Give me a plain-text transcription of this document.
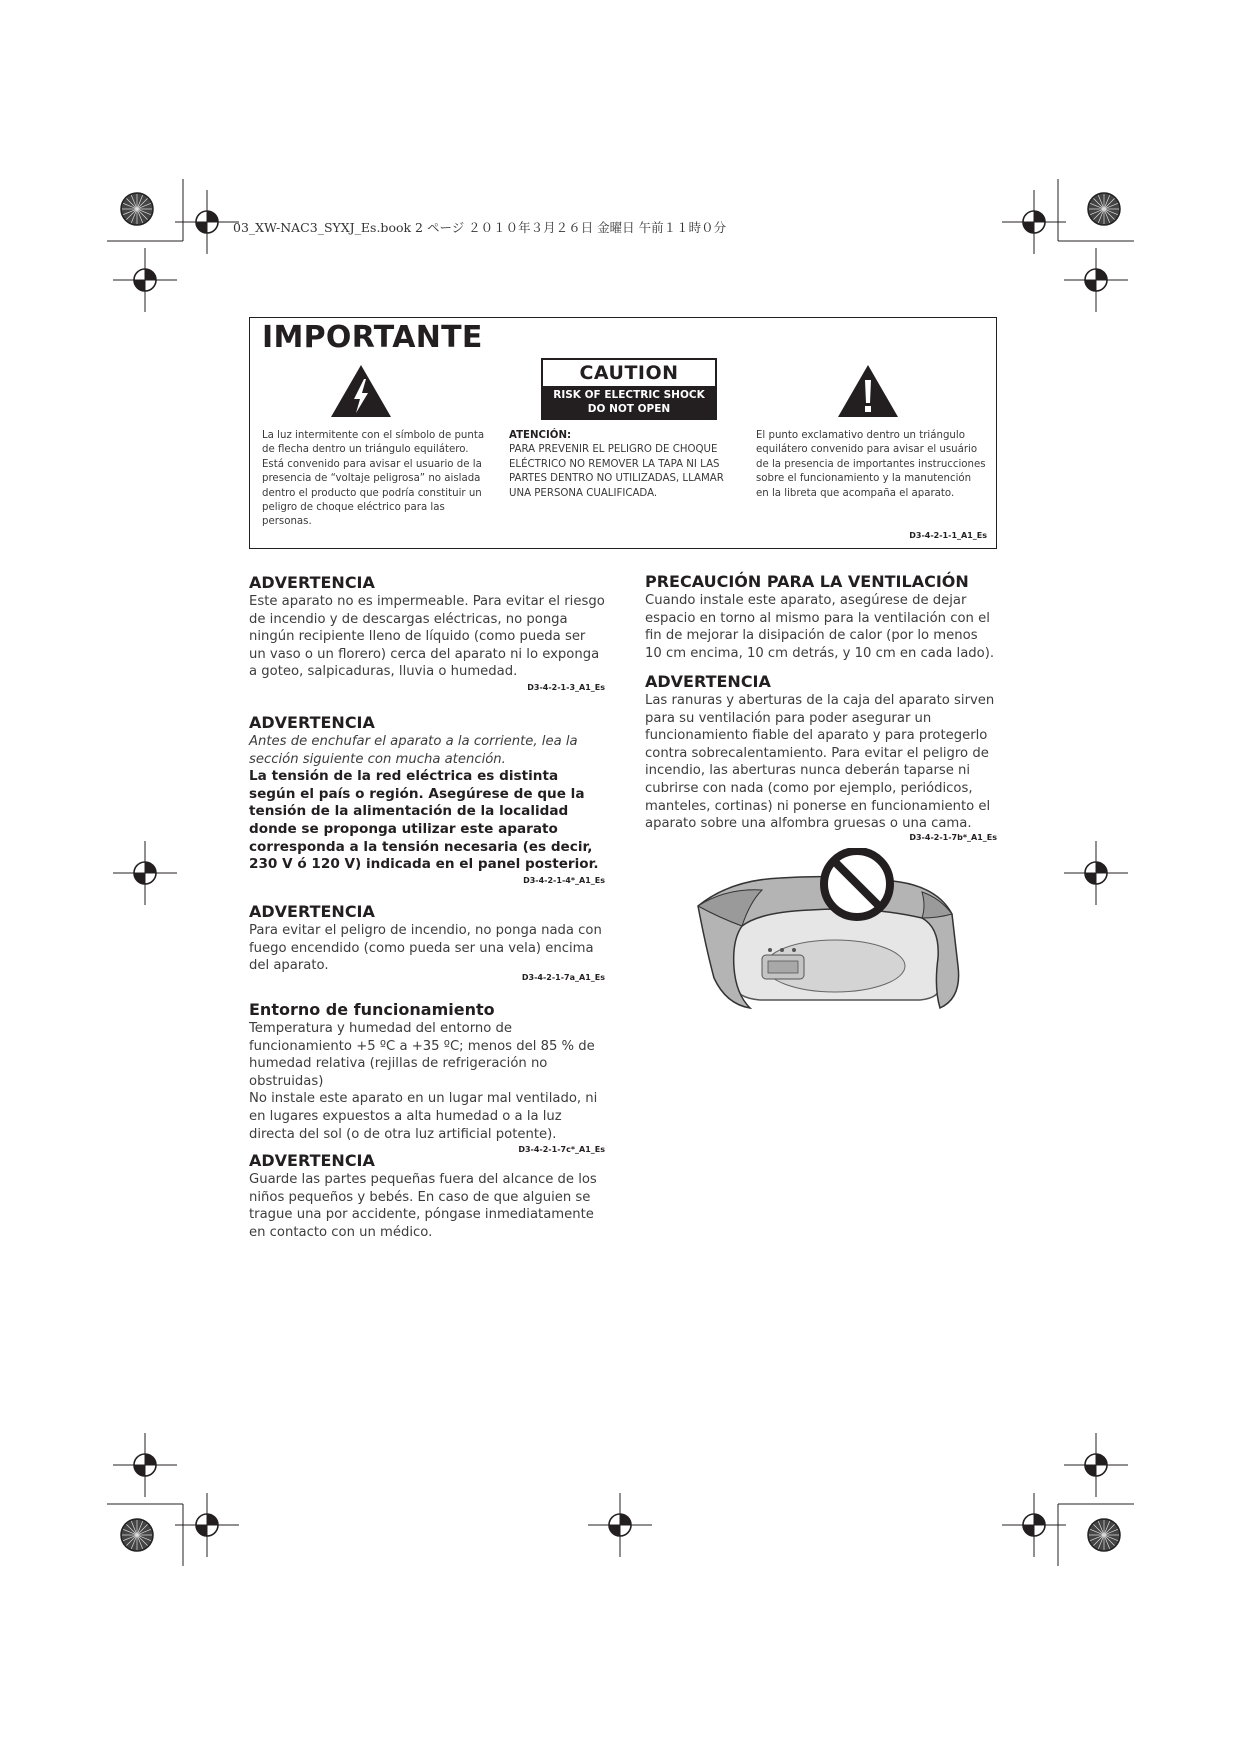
03_XW-NAC3_SYXJ_Es.book 2 ページ ２０１０年３月２６日 金曜日 午前１１時０分
IMPORTANTE
CAUTION
RISK OF ELECTRIC SHOCK
DO NOT OPEN
La luz intermitente con el símbolo de punta de flecha dentro un triángulo equilátero. Está convenido para avisar el usuario de la presencia de “voltaje peligrosa” no aislada dentro el producto que podría constituir un peligro de choque eléctrico para las personas.
ATENCIÓN:
PARA PREVENIR EL PELIGRO DE CHOQUE ELÉCTRICO NO REMOVER LA TAPA NI LAS PARTES DENTRO NO UTILIZADAS, LLAMAR UNA PERSONA CUALIFICADA.
El punto exclamativo dentro un triángulo equilátero convenido para avisar el usuário de la presencia de importantes instrucciones sobre el funcionamiento y la manutención en la libreta que acompaña el aparato.
D3-4-2-1-1_A1_Es
ADVERTENCIA

Este aparato no es impermeable. Para evitar el riesgo de incendio y de descargas eléctricas, no ponga ningún recipiente lleno de líquido (como pueda ser un vaso o un florero) cerca del aparato ni lo exponga a goteo, salpicaduras, lluvia o humedad.

D3-4-2-1-3_A1_Es
ADVERTENCIA

Antes de enchufar el aparato a la corriente, lea la sección siguiente con mucha atención.

La tensión de la red eléctrica es distinta según el país o región. Asegúrese de que la tensión de la alimentación de la localidad donde se proponga utilizar este aparato corresponda a la tensión necesaria (es decir, 230 V ó 120 V) indicada en el panel posterior.

D3-4-2-1-4*_A1_Es
ADVERTENCIA

Para evitar el peligro de incendio, no ponga nada con fuego encendido (como pueda ser una vela) encima del aparato.

D3-4-2-1-7a_A1_Es
Entorno de funcionamiento

Temperatura y humedad del entorno de funcionamiento +5 ºC a +35 ºC; menos del 85 % de humedad relativa (rejillas de refrigeración no obstruidas)

No instale este aparato en un lugar mal ventilado, ni en lugares expuestos a alta humedad o a la luz directa del sol (o de otra luz artificial potente).

D3-4-2-1-7c*_A1_Es
ADVERTENCIA

Guarde las partes pequeñas fuera del alcance de los niños pequeños y bebés. En caso de que alguien se trague una por accidente, póngase inmediatamente en contacto con un médico.

PRECAUCIÓN PARA LA VENTILACIÓN

Cuando instale este aparato, asegúrese de dejar espacio en torno al mismo para la ventilación con el fin de mejorar la disipación de calor (por lo menos 10 cm encima, 10 cm detrás, y 10 cm en cada lado).

ADVERTENCIA

Las ranuras y aberturas de la caja del aparato sirven para su ventilación para poder asegurar un funcionamiento fiable del aparato y para protegerlo contra sobrecalentamiento. Para evitar el peligro de incendio, las aberturas nunca deberán taparse ni cubrirse con nada (como por ejemplo, periódicos, manteles, cortinas) ni ponerse en funcionamiento el aparato sobre una alfombra gruesas o una cama.

D3-4-2-1-7b*_A1_Es
